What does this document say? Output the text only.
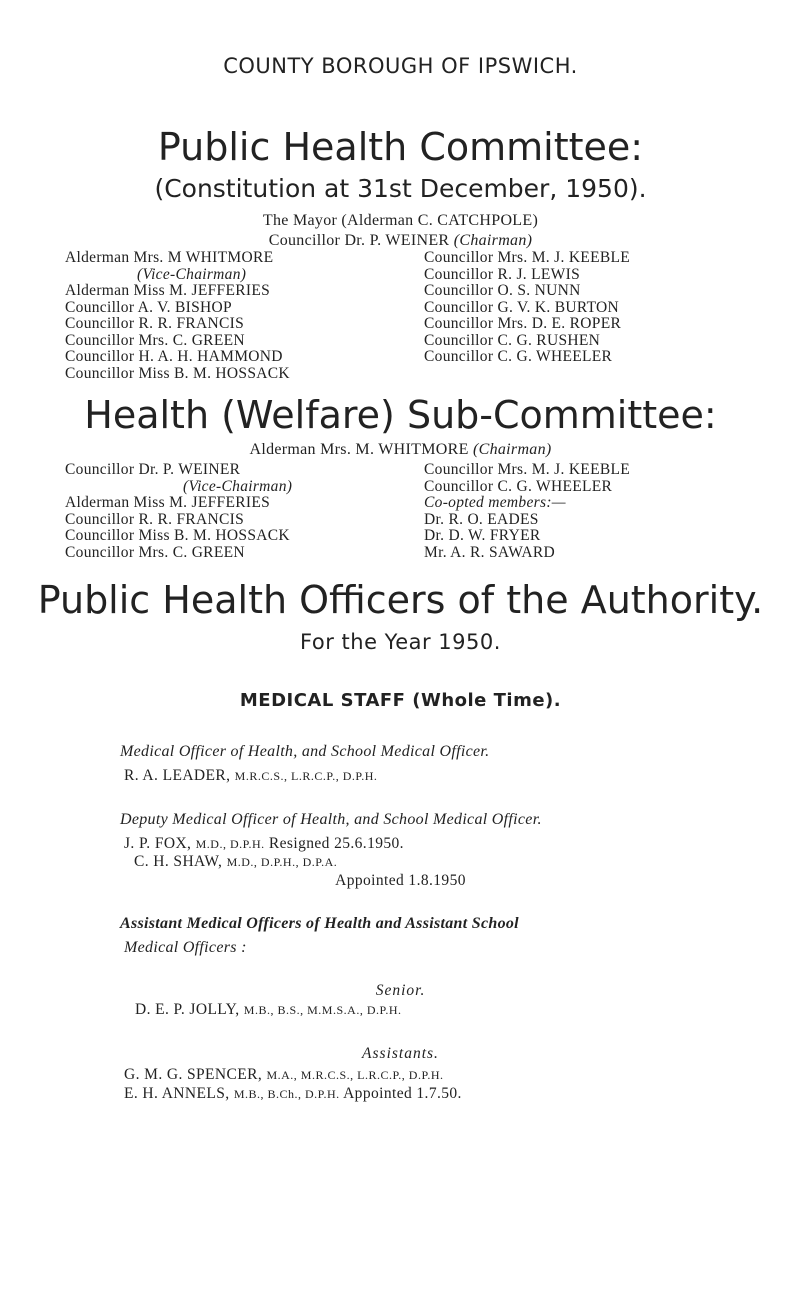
COUNTY BOROUGH OF IPSWICH.
Public Health Committee:
(Constitution at 31st December, 1950).
The Mayor (Alderman C. CATCHPOLE)
Councillor Dr. P. WEINER (Chairman)
Alderman Mrs. M WHITMORE
(Vice-Chairman)
Alderman Miss M. JEFFERIES
Councillor A. V. BISHOP
Councillor R. R. FRANCIS
Councillor Mrs. C. GREEN
Councillor H. A. H. HAMMOND
Councillor Miss B. M. HOSSACK
Councillor Mrs. M. J. KEEBLE
Councillor R. J. LEWIS
Councillor O. S. NUNN
Councillor G. V. K. BURTON
Councillor Mrs. D. E. ROPER
Councillor C. G. RUSHEN
Councillor C. G. WHEELER
Health (Welfare) Sub-Committee:
Alderman Mrs. M. WHITMORE (Chairman)
Councillor Dr. P. WEINER
(Vice-Chairman)
Alderman Miss M. JEFFERIES
Councillor R. R. FRANCIS
Councillor Miss B. M. HOSSACK
Councillor Mrs. C. GREEN
Councillor Mrs. M. J. KEEBLE
Councillor C. G. WHEELER
Co-opted members:—
Dr. R. O. EADES
Dr. D. W. FRYER
Mr. A. R. SAWARD
Public Health Officers of the Authority.
For the Year 1950.
MEDICAL STAFF (Whole Time).
Medical Officer of Health, and School Medical Officer.
R. A. LEADER, M.R.C.S., L.R.C.P., D.P.H.
Deputy Medical Officer of Health, and School Medical Officer.
J. P. FOX, M.D., D.P.H. Resigned 25.6.1950.
C. H. SHAW, M.D., D.P.H., D.P.A.
Appointed 1.8.1950
Assistant Medical Officers of Health and Assistant School
Medical Officers :
Senior.
D. E. P. JOLLY, M.B., B.S., M.M.S.A., D.P.H.
Assistants.
G. M. G. SPENCER, M.A., M.R.C.S., L.R.C.P., D.P.H.
E. H. ANNELS, M.B., B.Ch., D.P.H. Appointed 1.7.50.
